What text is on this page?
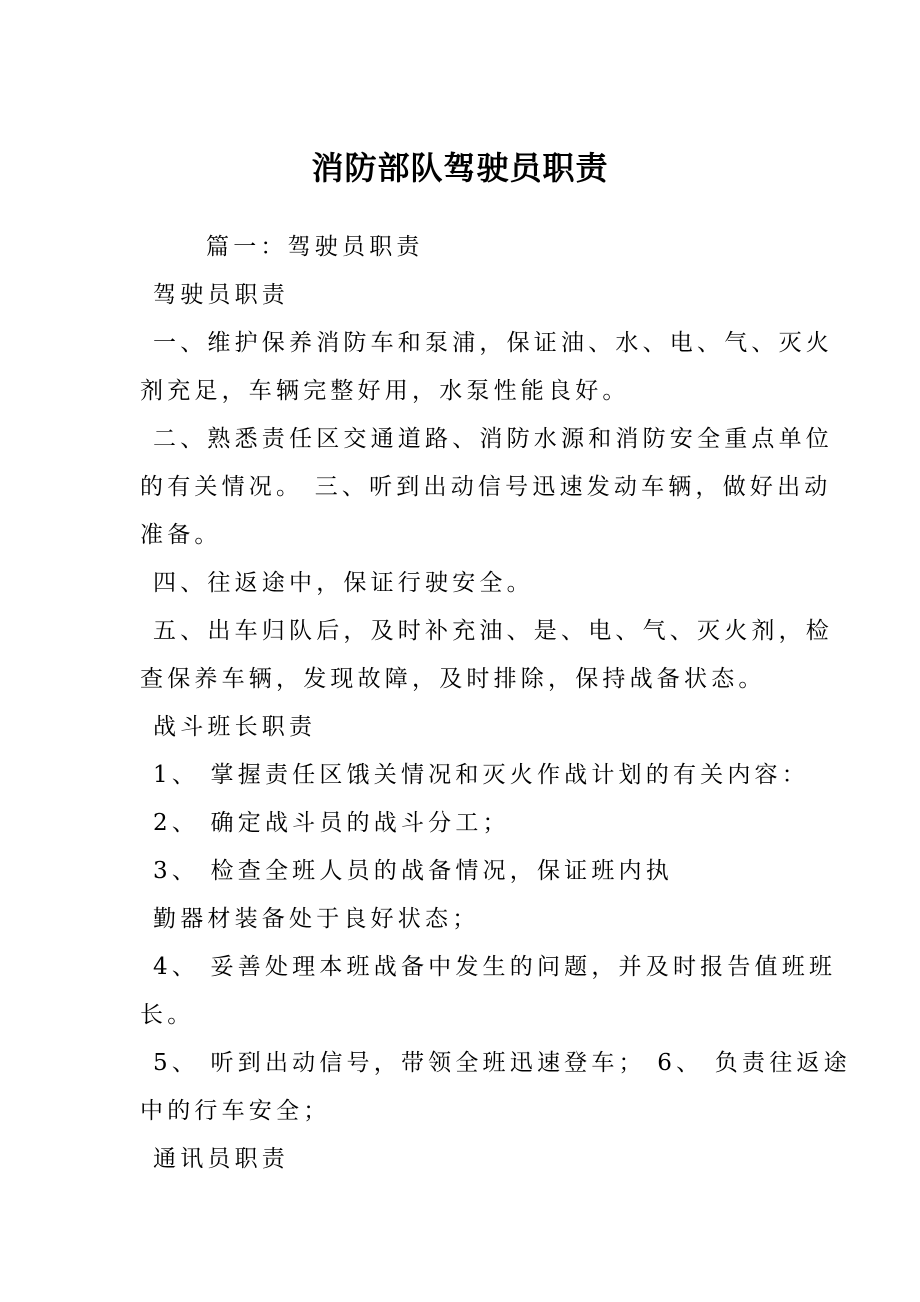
消防部队驾驶员职责
篇一：驾驶员职责
驾驶员职责
一、维护保养消防车和泵浦，保证油、水、电、气、灭火
剂充足，车辆完整好用，水泵性能良好。
二、熟悉责任区交通道路、消防水源和消防安全重点单位
的有关情况。 三、听到出动信号迅速发动车辆，做好出动
准备。
四、往返途中，保证行驶安全。
五、出车归队后，及时补充油、是、电、气、灭火剂，检
查保养车辆，发现故障，及时排除，保持战备状态。
战斗班长职责
1、 掌握责任区饿关情况和灭火作战计划的有关内容：
2、 确定战斗员的战斗分工；
3、 检查全班人员的战备情况，保证班内执
勤器材装备处于良好状态；
4、 妥善处理本班战备中发生的问题，并及时报告值班班
长。
5、 听到出动信号，带领全班迅速登车； 6、 负责往返途
中的行车安全；
通讯员职责
